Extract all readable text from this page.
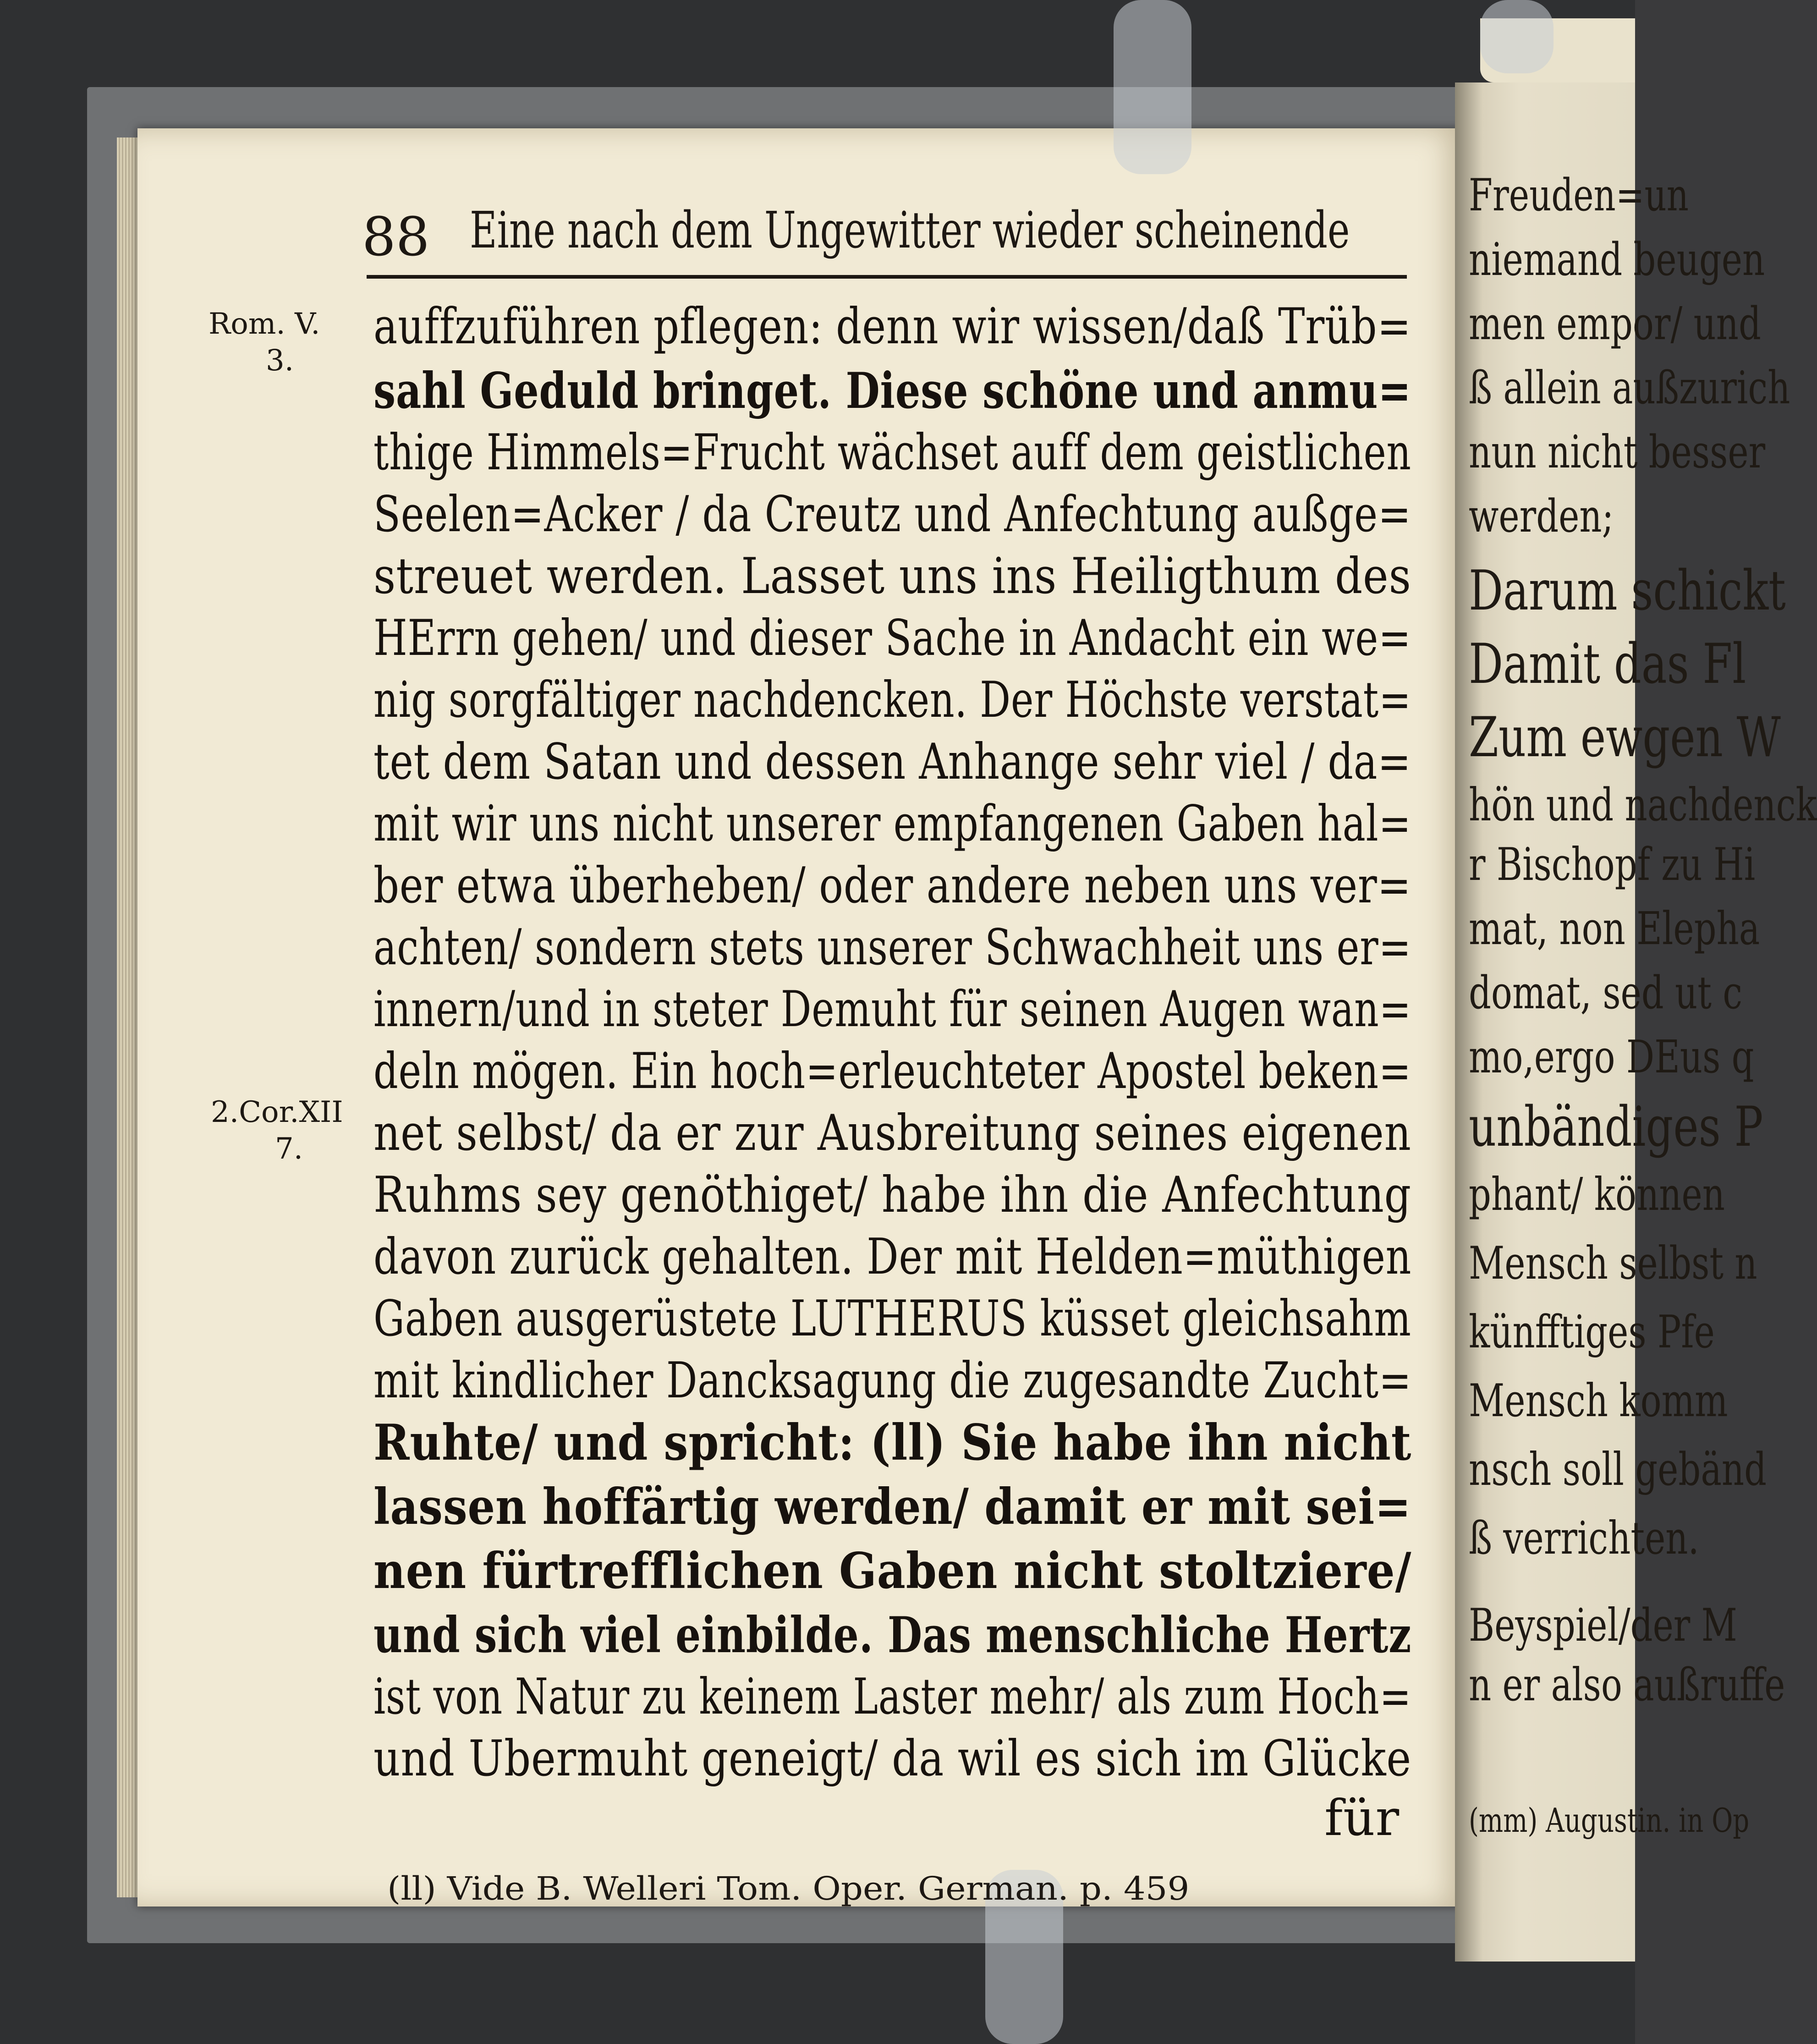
Freuden=un
niemand beugen
men empor/ und
ß allein außzurich
nun nicht besser
werden;
Darum schickt
Damit das Fl
Zum ewgen W
hön und nachdenck
r Bischopf zu Hi
mat, non Elepha
domat, sed ut c
mo,ergo DEus q
unbändiges P
phant/ können
Mensch selbst n
künfftiges Pfe
Mensch komm
nsch soll gebänd
ß verrichten.
Beyspiel/der M
n er also außruffe
(mm) Augustin. in Op
88 Eine nach dem Ungewitter wieder scheinende
Rom. V.
3.
2.Cor.XII
7.
auffzuführen pflegen: denn wir wissen/daß Trüb=
sahl Geduld bringet. Diese schöne und anmu=
thige Himmels=Frucht wächset auff dem geistlichen
Seelen=Acker / da Creutz und Anfechtung außge=
streuet werden. Lasset uns ins Heiligthum des
HErrn gehen/ und dieser Sache in Andacht ein we=
nig sorgfältiger nachdencken. Der Höchste verstat=
tet dem Satan und dessen Anhange sehr viel / da=
mit wir uns nicht unserer empfangenen Gaben hal=
ber etwa überheben/ oder andere neben uns ver=
achten/ sondern stets unserer Schwachheit uns er=
innern/und in steter Demuht für seinen Augen wan=
deln mögen. Ein hoch=erleuchteter Apostel beken=
net selbst/ da er zur Ausbreitung seines eigenen
Ruhms sey genöthiget/ habe ihn die Anfechtung
davon zurück gehalten. Der mit Helden=müthigen
Gaben ausgerüstete LUTHERUS küsset gleichsahm
mit kindlicher Dancksagung die zugesandte Zucht=
Ruhte/ und spricht: (ll) Sie habe ihn nicht
lassen hoffärtig werden/ damit er mit sei=
nen fürtrefflichen Gaben nicht stoltziere/
und sich viel einbilde. Das menschliche Hertz
ist von Natur zu keinem Laster mehr/ als zum Hoch=
und Ubermuht geneigt/ da wil es sich im Glücke
für
(ll) Vide B. Welleri Tom. Oper. German. p. 459
